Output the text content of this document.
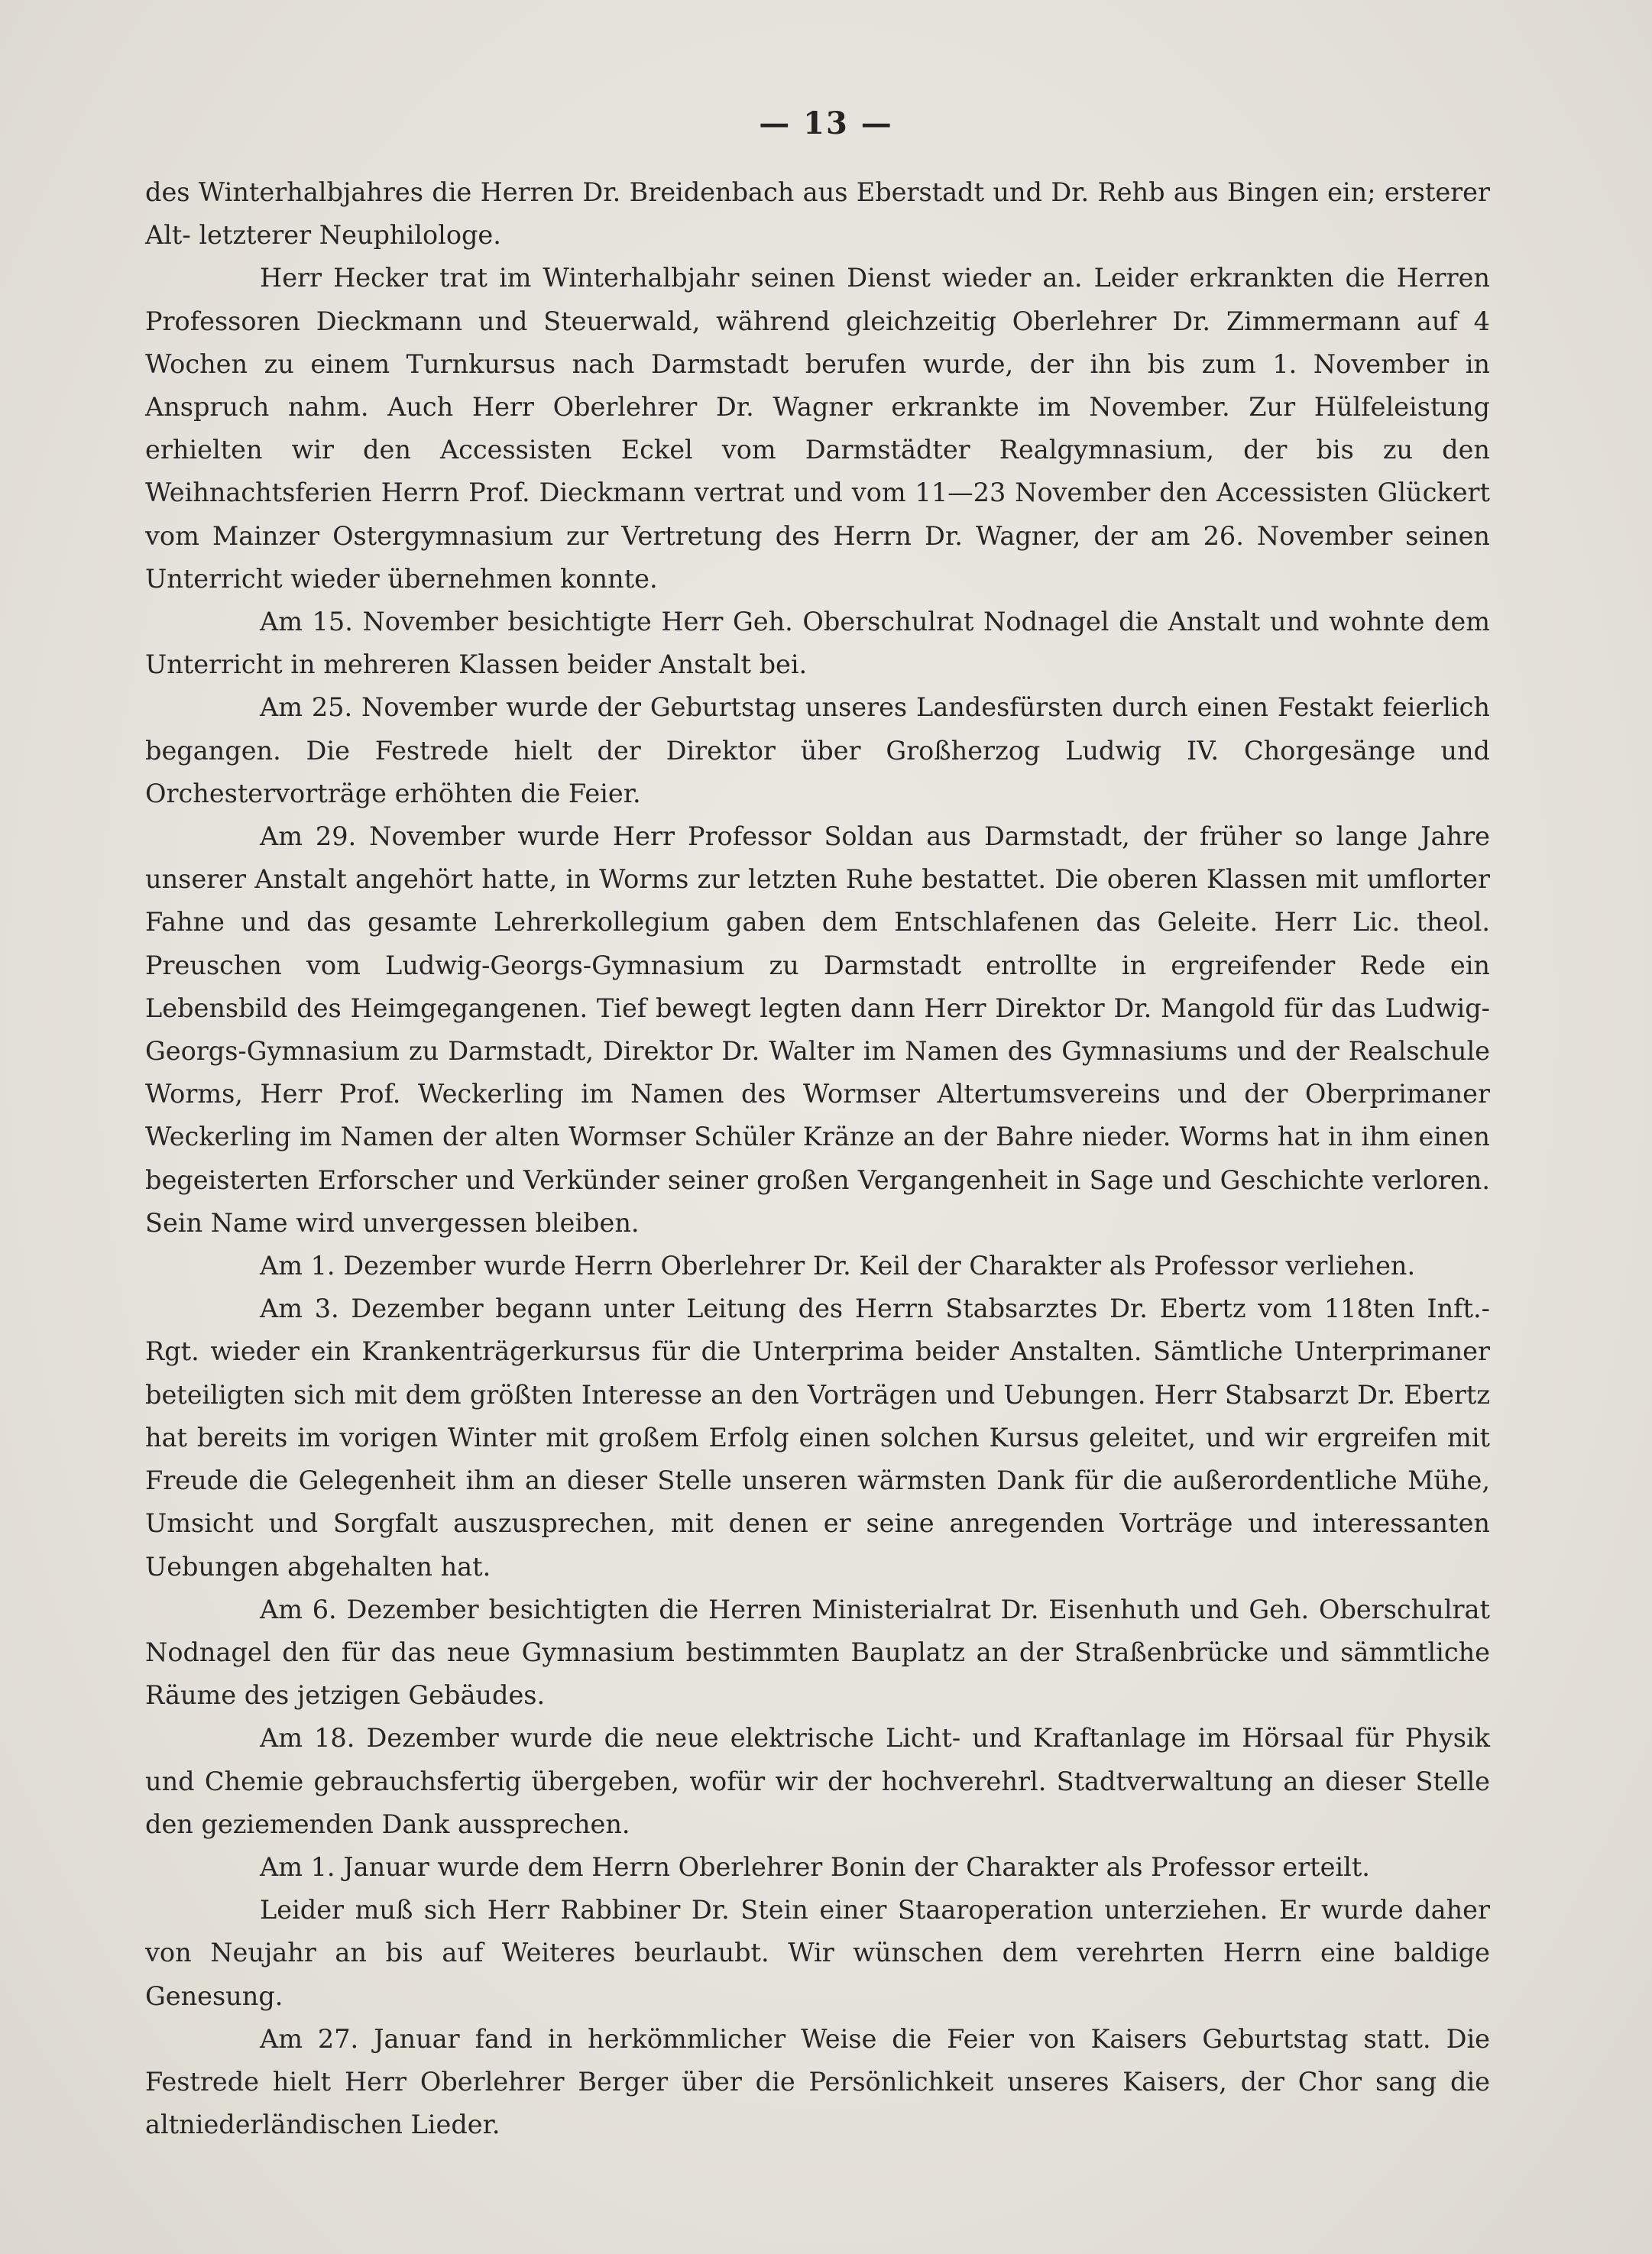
— 13 —

des Winterhalbjahres die Herren Dr. Breidenbach aus Eberstadt und Dr. Rehb aus Bingen ein; ersterer Alt- letzterer Neuphilologe.

Herr Hecker trat im Winterhalbjahr seinen Dienst wieder an. Leider erkrankten die Herren Professoren Dieckmann und Steuerwald, während gleichzeitig Oberlehrer Dr. Zimmermann auf 4 Wochen zu einem Turnkursus nach Darmstadt berufen wurde, der ihn bis zum 1. November in Anspruch nahm. Auch Herr Oberlehrer Dr. Wagner erkrankte im November. Zur Hülfeleistung erhielten wir den Accessisten Eckel vom Darmstädter Realgymnasium, der bis zu den Weihnachtsferien Herrn Prof. Dieckmann vertrat und vom 11—23 November den Accessisten Glückert vom Mainzer Ostergymnasium zur Vertretung des Herrn Dr. Wagner, der am 26. November seinen Unterricht wieder übernehmen konnte.

Am 15. November besichtigte Herr Geh. Oberschulrat Nodnagel die Anstalt und wohnte dem Unterricht in mehreren Klassen beider Anstalt bei.

Am 25. November wurde der Geburtstag unseres Landesfürsten durch einen Festakt feierlich begangen. Die Festrede hielt der Direktor über Großherzog Ludwig IV. Chorgesänge und Orchestervorträge erhöhten die Feier.

Am 29. November wurde Herr Professor Soldan aus Darmstadt, der früher so lange Jahre unserer Anstalt angehört hatte, in Worms zur letzten Ruhe bestattet. Die oberen Klassen mit umflorter Fahne und das gesamte Lehrerkollegium gaben dem Entschlafenen das Geleite. Herr Lic. theol. Preuschen vom Ludwig-Georgs-Gymnasium zu Darmstadt entrollte in ergreifender Rede ein Lebensbild des Heimgegangenen. Tief bewegt legten dann Herr Direktor Dr. Mangold für das Ludwig-Georgs-Gymnasium zu Darmstadt, Direktor Dr. Walter im Namen des Gymnasiums und der Realschule Worms, Herr Prof. Weckerling im Namen des Wormser Altertumsvereins und der Oberprimaner Weckerling im Namen der alten Wormser Schüler Kränze an der Bahre nieder. Worms hat in ihm einen begeisterten Erforscher und Verkünder seiner großen Vergangenheit in Sage und Geschichte verloren. Sein Name wird unvergessen bleiben.

Am 1. Dezember wurde Herrn Oberlehrer Dr. Keil der Charakter als Professor verliehen.

Am 3. Dezember begann unter Leitung des Herrn Stabsarztes Dr. Ebertz vom 118ten Inft.-Rgt. wieder ein Krankenträgerkursus für die Unterprima beider Anstalten. Sämtliche Unterprimaner beteiligten sich mit dem größten Interesse an den Vorträgen und Uebungen. Herr Stabsarzt Dr. Ebertz hat bereits im vorigen Winter mit großem Erfolg einen solchen Kursus geleitet, und wir ergreifen mit Freude die Gelegenheit ihm an dieser Stelle unseren wärmsten Dank für die außerordentliche Mühe, Umsicht und Sorgfalt auszusprechen, mit denen er seine anregenden Vorträge und interessanten Uebungen abgehalten hat.

Am 6. Dezember besichtigten die Herren Ministerialrat Dr. Eisenhuth und Geh. Oberschulrat Nodnagel den für das neue Gymnasium bestimmten Bauplatz an der Straßenbrücke und sämmtliche Räume des jetzigen Gebäudes.

Am 18. Dezember wurde die neue elektrische Licht- und Kraftanlage im Hörsaal für Physik und Chemie gebrauchsfertig übergeben, wofür wir der hochverehrl. Stadtverwaltung an dieser Stelle den geziemenden Dank aussprechen.

Am 1. Januar wurde dem Herrn Oberlehrer Bonin der Charakter als Professor erteilt.

Leider muß sich Herr Rabbiner Dr. Stein einer Staaroperation unterziehen. Er wurde daher von Neujahr an bis auf Weiteres beurlaubt. Wir wünschen dem verehrten Herrn eine baldige Genesung.

Am 27. Januar fand in herkömmlicher Weise die Feier von Kaisers Geburtstag statt. Die Festrede hielt Herr Oberlehrer Berger über die Persönlichkeit unseres Kaisers, der Chor sang die altniederländischen Lieder.
